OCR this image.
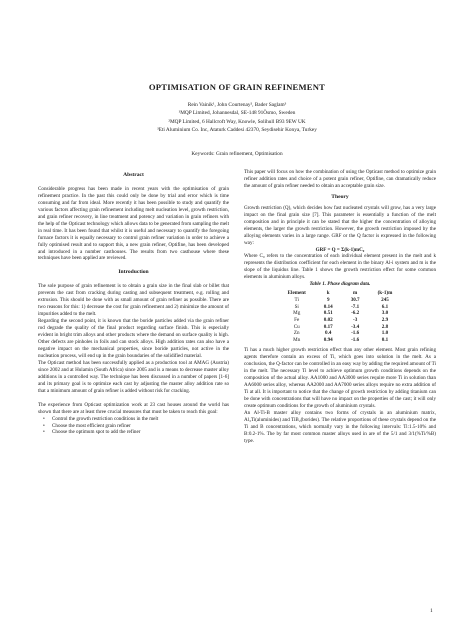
OPTIMISATION OF GRAIN REFINEMENT
Rein Vainik¹, John Courtenay², Bader Saglam³
¹MQP Limited, Johannesdal, SE-148 91Ösmo, Sweden
²MQP Limited, 6 Hallcroft Way, Knowle, Solihull B93 9EW UK
³Eti Aluminium Co. Inc, Ataturk Caddesi 42370, Seydisehir Konya, Turkey
Keywords: Grain refinement, Optimisation

Abstract

Considerable progress has been made in recent years with the optimisation of grain refinement practice. In the past this could only be done by trial and error which is time consuming and far from ideal. More recently it has been possible to study and quantify the various factors affecting grain refinement including melt nucleation level, growth restriction, and grain refiner recovery, in line treatment and potency and variation in grain refiners with the help of the Opticast technology which allows data to be generated from sampling the melt in real time. It has been found that whilst it is useful and necessary to quantify the foregoing furnace factors it is equally necessary to control grain refiner variation in order to achieve a fully optimised result and to support this, a new grain refiner, Optifine, has been developed and introduced in a number casthouses. The results from two casthouse where these techniques have been applied are reviewed.

Introduction

The sole purpose of grain refinement is to obtain a grain size in the final slab or billet that prevents the cast from cracking during casting and subsequent treatment, e.g. rolling and extrusion. This should be done with as small amount of grain refiner as possible. There are two reasons for this: 1) decrease the cost for grain refinement and 2) minimize the amount of impurities added to the melt.

Regarding the second point, it is known that the boride particles added via the grain refiner rod degrade the quality of the final product regarding surface finish. This is especially evident in bright trim alloys and other products where the demand on surface quality is high. Other defects are pinholes in foils and can stock alloys. High addition rates can also have a negative impact on the mechanical properties, since boride particles, not active in the nucleation process, will end up in the grain boundaries of the solidified material.

The Opticast method has been successfully applied as a production tool at AMAG (Austria) since 2002 and at Hulamin (South Africa) since 2005 and is a means to decrease master alloy additions in a controlled way. The technique has been discussed in a number of papers [1-6] and its primary goal is to optimize each cast by adjusting the master alloy addition rate so that a minimum amount of grain refiner is added without risk for cracking.

The experience from Opticast optimization work at 23 cast houses around the world has shown that there are at least three crucial measures that must be taken to reach this goal:

• Control the growth restriction conditions in the melt
• Choose the most efficient grain refiner
• Choose the optimum spot to add the refiner

This paper will focus on how the combination of using the Opticast method to optimize grain refiner addition rates and choice of a potent grain refiner, Optifine, can dramatically reduce the amount of grain refiner needed to obtain an acceptable grain size.

Theory

Growth restriction (Q), which decides how fast nucleated crystals will grow, has a very large impact on the final grain size [7]. This parameter is essentially a function of the melt composition and in principle it can be stated that the higher the concentration of alloying elements, the larger the growth restriction. However, the growth restriction imposed by the alloying elements varies in a large range. GRF or the Q factor is expressed in the following way:

GRF = Q = Σ(k-1)mC₀

Where C₀ refers to the concentration of each individual element present in the melt and k represents the distribution coefficient for each element in the binary Al-i system and m is the slope of the liquidus line. Table 1 shows the growth restriction effect for some common elements in aluminium alloys.

Table 1. Phase diagram data.

Element	k	m	(k-1)m
Ti	9	30.7	245
Si	0.14	-7.1	6.1
Mg	0.51	-6.2	3.0
Fe	0.02	-3	2.9
Cu	0.17	-3.4	2.8
Zn	0.4	-1.6	1.0
Mn	0.94	-1.6	0.1

Ti has a much higher growth restriction effect than any other element. Most grain refining agents therefore contain an excess of Ti, which goes into solution in the melt. As a conclusion, the Q-factor can be controlled in an easy way by adding the required amount of Ti in the melt. The necessary Ti level to achieve optimum growth conditions depends on the composition of the actual alloy. AA1000 and AA3000 series require more Ti in solution than AA6000 series alloy, whereas AA2000 and AA7000 series alloys require no extra addition of Ti at all. It is important to notice that the change of growth restriction by adding titanium can be done with concentrations that will have no impact on the properties of the cast; it will only create optimum conditions for the growth of aluminium crystals.

An Al-Ti-B master alloy contains two forms of crystals in an aluminium matrix, Al₃Ti(aluminides) and TiB₂(borides). The relative proportions of these crystals depend on the Ti and B concentrations, which normally vary in the following intervals: Ti:1.5-10% and B:0.2-1%. The by far most common master alloys used in are of the 5/1 and 3/1(%Ti/%B) type.

1
